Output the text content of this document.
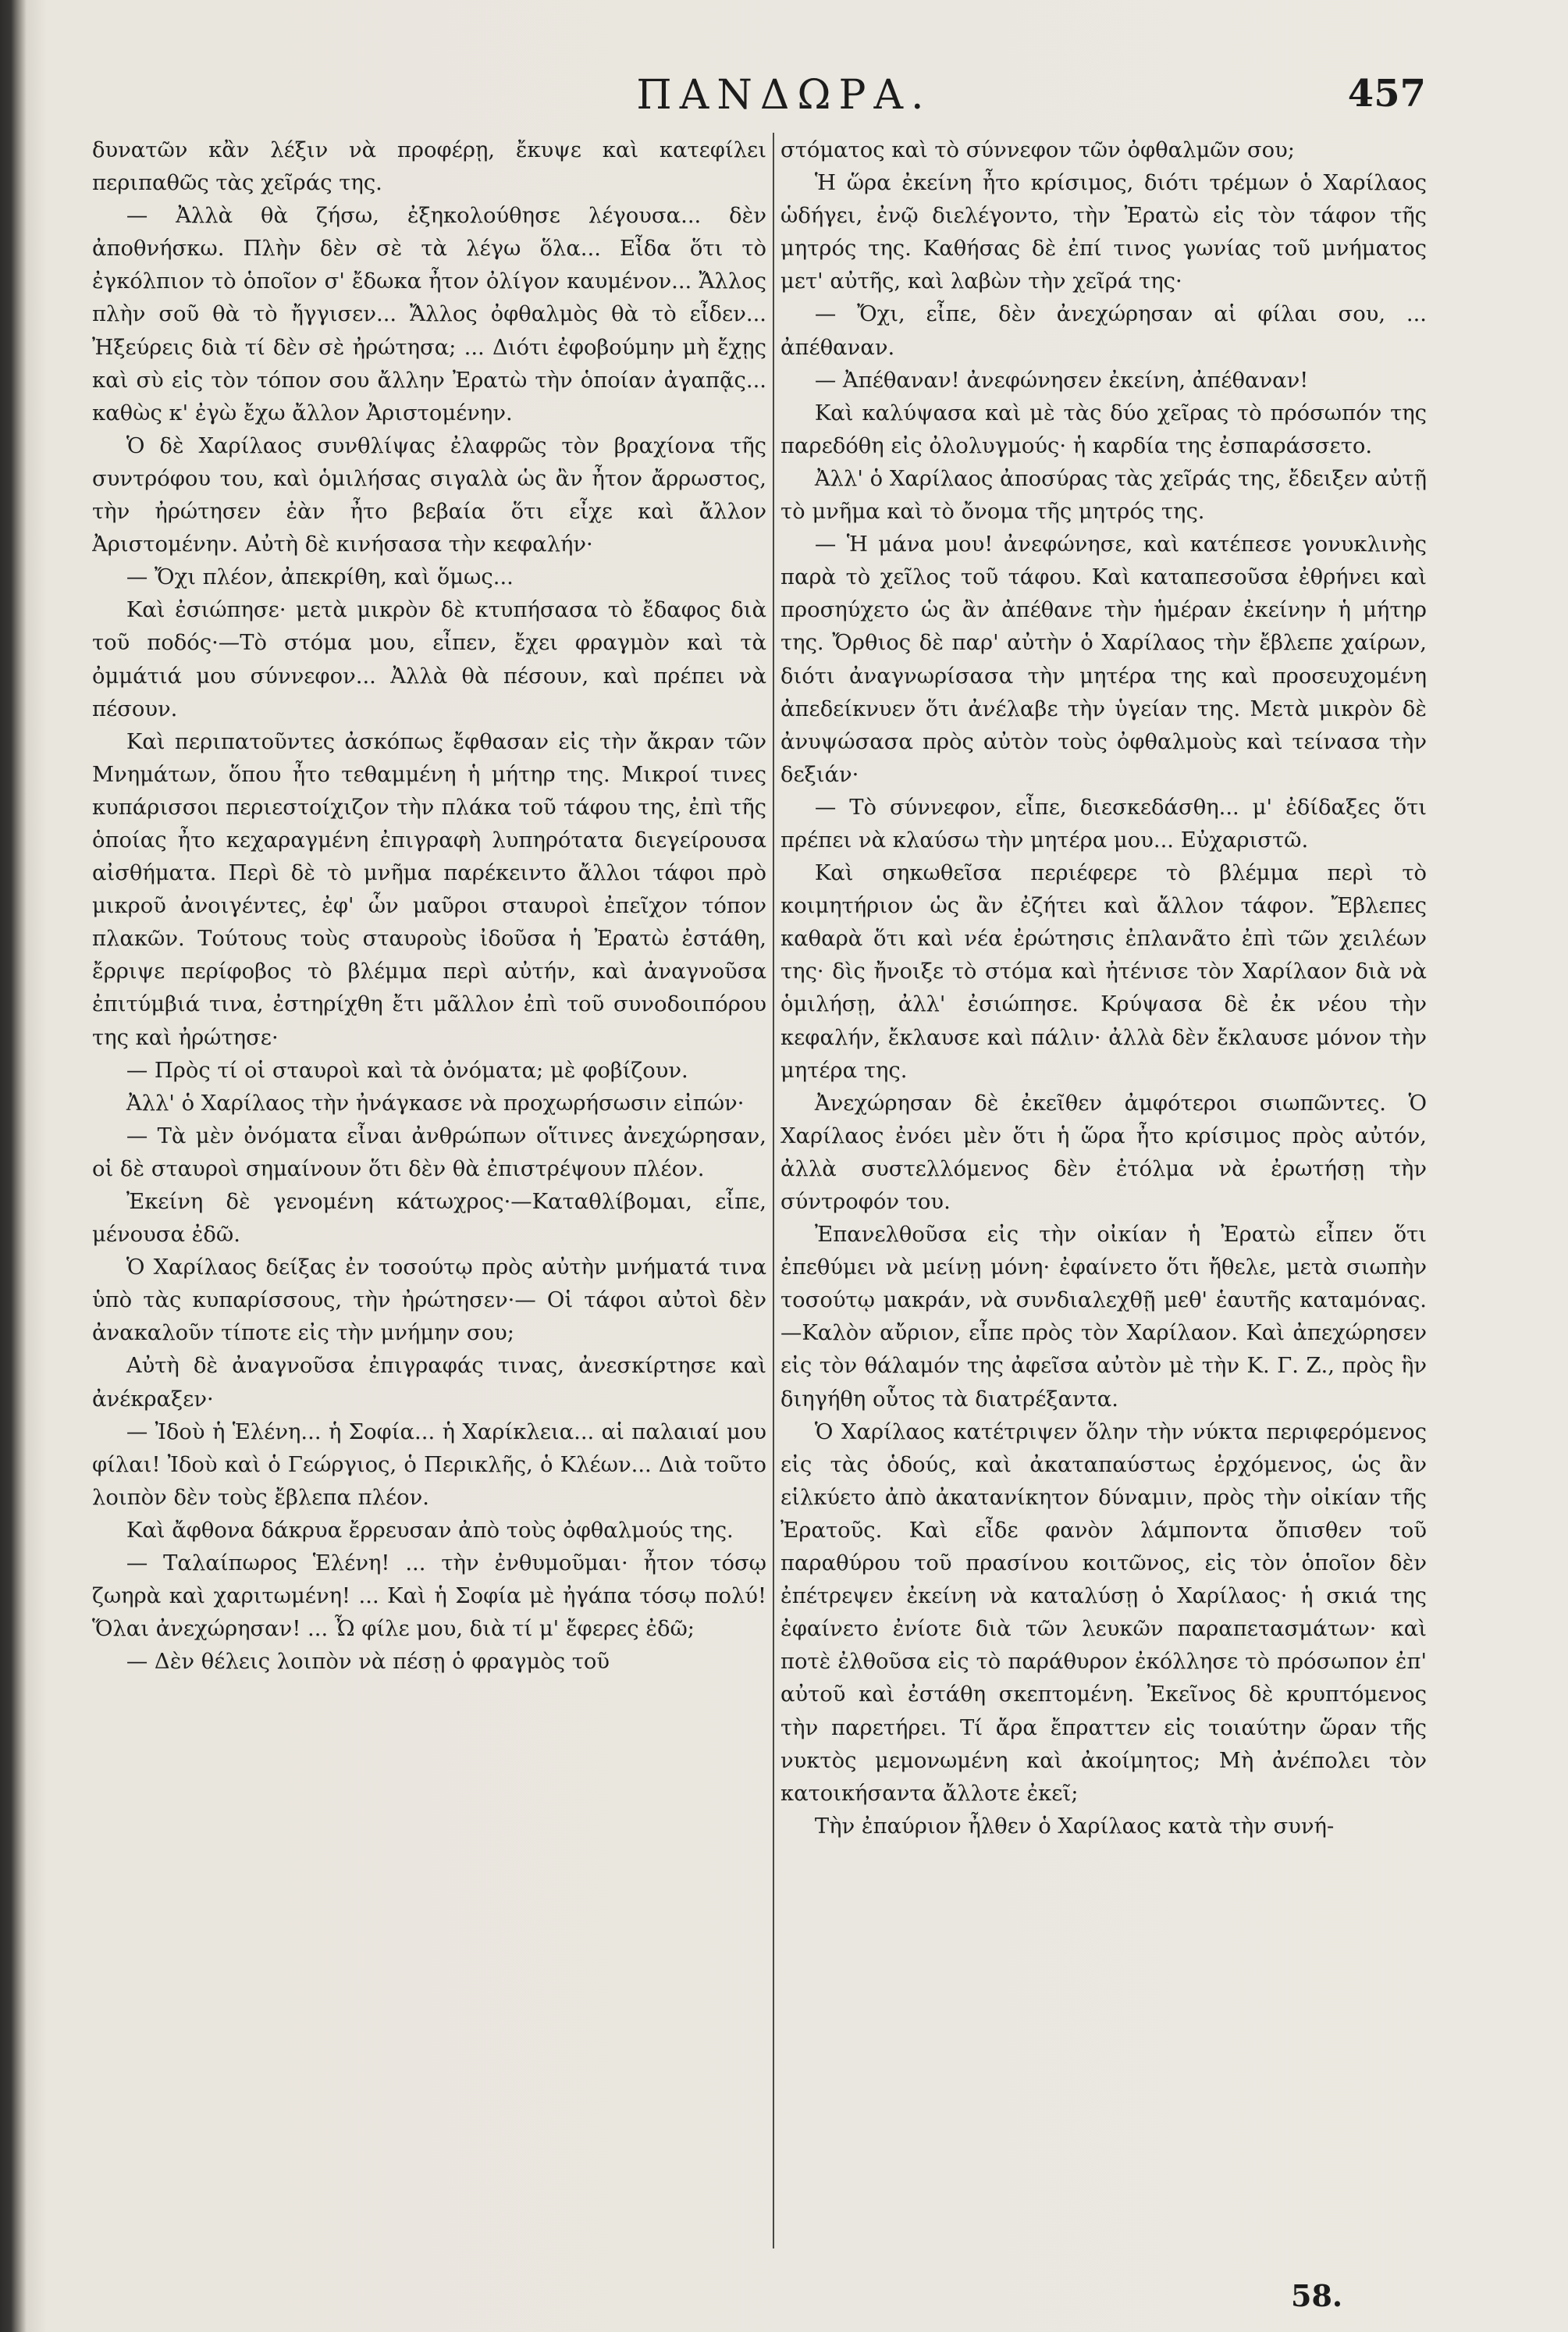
ΠΑΝΔΩΡΑ.	457

δυνατῶν κἂν λέξιν νὰ προφέρῃ, ἔκυψε καὶ κατεφίλει περιπαθῶς τὰς χεῖράς της.

— Ἀλλὰ θὰ ζήσω, ἐξηκολούθησε λέγουσα... δὲν ἀποθνήσκω. Πλὴν δὲν σὲ τὰ λέγω ὅλα... Εἶδα ὅτι τὸ ἐγκόλπιον τὸ ὁποῖον σ' ἔδωκα ἦτον ὀλίγον καυμένον... Ἄλλος πλὴν σοῦ θὰ τὸ ἤγγισεν... Ἄλλος ὀφθαλμὸς θὰ τὸ εἶδεν... Ἠξεύρεις διὰ τί δὲν σὲ ἠρώτησα; ... Διότι ἐφοβούμην μὴ ἔχῃς καὶ σὺ εἰς τὸν τόπον σου ἄλλην Ἐρατὼ τὴν ὁποίαν ἀγαπᾷς... καθὼς κ' ἐγὼ ἔχω ἄλλον Ἀριστομένην.

Ὁ δὲ Χαρίλαος συνθλίψας ἐλαφρῶς τὸν βραχίονα τῆς συντρόφου του, καὶ ὁμιλήσας σιγαλὰ ὡς ἂν ἦτον ἄρρωστος, τὴν ἠρώτησεν ἐὰν ἦτο βεβαία ὅτι εἶχε καὶ ἄλλον Ἀριστομένην. Αὐτὴ δὲ κινήσασα τὴν κεφαλήν·

— Ὄχι πλέον, ἀπεκρίθη, καὶ ὅμως...

Καὶ ἐσιώπησε· μετὰ μικρὸν δὲ κτυπήσασα τὸ ἔδαφος διὰ τοῦ ποδός·—Τὸ στόμα μου, εἶπεν, ἔχει φραγμὸν καὶ τὰ ὀμμάτιά μου σύννεφον... Ἀλλὰ θὰ πέσουν, καὶ πρέπει νὰ πέσουν.

Καὶ περιπατοῦντες ἀσκόπως ἔφθασαν εἰς τὴν ἄκραν τῶν Μνημάτων, ὅπου ἦτο τεθαμμένη ἡ μήτηρ της. Μικροί τινες κυπάρισσοι περιεστοίχιζον τὴν πλάκα τοῦ τάφου της, ἐπὶ τῆς ὁποίας ἦτο κεχαραγμένη ἐπιγραφὴ λυπηρότατα διεγείρουσα αἰσθήματα. Περὶ δὲ τὸ μνῆμα παρέκειντο ἄλλοι τάφοι πρὸ μικροῦ ἀνοιγέντες, ἐφ' ὧν μαῦροι σταυροὶ ἐπεῖχον τόπον πλακῶν. Τούτους τοὺς σταυροὺς ἰδοῦσα ἡ Ἐρατὼ ἐστάθη, ἔρριψε περίφοβος τὸ βλέμμα περὶ αὐτήν, καὶ ἀναγνοῦσα ἐπιτύμβιά τινα, ἐστηρίχθη ἔτι μᾶλλον ἐπὶ τοῦ συνοδοιπόρου της καὶ ἠρώτησε·

— Πρὸς τί οἱ σταυροὶ καὶ τὰ ὀνόματα; μὲ φοβίζουν.

Ἀλλ' ὁ Χαρίλαος τὴν ἠνάγκασε νὰ προχωρήσωσιν εἰπών·

— Τὰ μὲν ὀνόματα εἶναι ἀνθρώπων οἵτινες ἀνεχώρησαν, οἱ δὲ σταυροὶ σημαίνουν ὅτι δὲν θὰ ἐπιστρέψουν πλέον.

Ἐκείνη δὲ γενομένη κάτωχρος·—Καταθλίβομαι, εἶπε, μένουσα ἐδῶ.

Ὁ Χαρίλαος δείξας ἐν τοσούτῳ πρὸς αὐτὴν μνήματά τινα ὑπὸ τὰς κυπαρίσσους, τὴν ἠρώτησεν·— Οἱ τάφοι αὐτοὶ δὲν ἀνακαλοῦν τίποτε εἰς τὴν μνήμην σου;

Αὐτὴ δὲ ἀναγνοῦσα ἐπιγραφάς τινας, ἀνεσκίρτησε καὶ ἀνέκραξεν·

— Ἰδοὺ ἡ Ἑλένη... ἡ Σοφία... ἡ Χαρίκλεια... αἱ παλαιαί μου φίλαι! Ἰδοὺ καὶ ὁ Γεώργιος, ὁ Περικλῆς, ὁ Κλέων... Διὰ τοῦτο λοιπὸν δὲν τοὺς ἔβλεπα πλέον.

Καὶ ἄφθονα δάκρυα ἔρρευσαν ἀπὸ τοὺς ὀφθαλμούς της.

— Ταλαίπωρος Ἑλένη! ... τὴν ἐνθυμοῦμαι· ἦτον τόσῳ ζωηρὰ καὶ χαριτωμένη! ... Καὶ ἡ Σοφία μὲ ἠγάπα τόσῳ πολύ! Ὅλαι ἀνεχώρησαν! ... Ὦ φίλε μου, διὰ τί μ' ἔφερες ἐδῶ;

— Δὲν θέλεις λοιπὸν νὰ πέσῃ ὁ φραγμὸς τοῦ

στόματος καὶ τὸ σύννεφον τῶν ὀφθαλμῶν σου;

Ἡ ὥρα ἐκείνη ἦτο κρίσιμος, διότι τρέμων ὁ Χαρίλαος ὡδήγει, ἐνῷ διελέγοντο, τὴν Ἐρατὼ εἰς τὸν τάφον τῆς μητρός της. Καθήσας δὲ ἐπί τινος γωνίας τοῦ μνήματος μετ' αὐτῆς, καὶ λαβὼν τὴν χεῖρά της·

— Ὄχι, εἶπε, δὲν ἀνεχώρησαν αἱ φίλαι σου, ... ἀπέθαναν.

— Ἀπέθαναν! ἀνεφώνησεν ἐκείνη, ἀπέθαναν!

Καὶ καλύψασα καὶ μὲ τὰς δύο χεῖρας τὸ πρόσωπόν της παρεδόθη εἰς ὀλολυγμούς· ἡ καρδία της ἐσπαράσσετο.

Ἀλλ' ὁ Χαρίλαος ἀποσύρας τὰς χεῖράς της, ἔδειξεν αὐτῇ τὸ μνῆμα καὶ τὸ ὄνομα τῆς μητρός της.

— Ἡ μάνα μου! ἀνεφώνησε, καὶ κατέπεσε γονυκλινὴς παρὰ τὸ χεῖλος τοῦ τάφου. Καὶ καταπεσοῦσα ἐθρήνει καὶ προσηύχετο ὡς ἂν ἀπέθανε τὴν ἡμέραν ἐκείνην ἡ μήτηρ της. Ὄρθιος δὲ παρ' αὐτὴν ὁ Χαρίλαος τὴν ἔβλεπε χαίρων, διότι ἀναγνωρίσασα τὴν μητέρα της καὶ προσευχομένη ἀπεδείκνυεν ὅτι ἀνέλαβε τὴν ὑγείαν της. Μετὰ μικρὸν δὲ ἀνυψώσασα πρὸς αὐτὸν τοὺς ὀφθαλμοὺς καὶ τείνασα τὴν δεξιάν·

— Τὸ σύννεφον, εἶπε, διεσκεδάσθη... μ' ἐδίδαξες ὅτι πρέπει νὰ κλαύσω τὴν μητέρα μου... Εὐχαριστῶ.

Καὶ σηκωθεῖσα περιέφερε τὸ βλέμμα περὶ τὸ κοιμητήριον ὡς ἂν ἐζήτει καὶ ἄλλον τάφον. Ἔβλεπες καθαρὰ ὅτι καὶ νέα ἐρώτησις ἐπλανᾶτο ἐπὶ τῶν χειλέων της· δὶς ἤνοιξε τὸ στόμα καὶ ἠτένισε τὸν Χαρίλαον διὰ νὰ ὁμιλήσῃ, ἀλλ' ἐσιώπησε. Κρύψασα δὲ ἐκ νέου τὴν κεφαλήν, ἔκλαυσε καὶ πάλιν· ἀλλὰ δὲν ἔκλαυσε μόνον τὴν μητέρα της.

Ἀνεχώρησαν δὲ ἐκεῖθεν ἀμφότεροι σιωπῶντες. Ὁ Χαρίλαος ἐνόει μὲν ὅτι ἡ ὥρα ἦτο κρίσιμος πρὸς αὐτόν, ἀλλὰ συστελλόμενος δὲν ἐτόλμα νὰ ἐρωτήσῃ τὴν σύντροφόν του.

Ἐπανελθοῦσα εἰς τὴν οἰκίαν ἡ Ἐρατὼ εἶπεν ὅτι ἐπεθύμει νὰ μείνῃ μόνη· ἐφαίνετο ὅτι ἤθελε, μετὰ σιωπὴν τοσούτῳ μακράν, νὰ συνδιαλεχθῇ μεθ' ἑαυτῆς καταμόνας.—Καλὸν αὔριον, εἶπε πρὸς τὸν Χαρίλαον. Καὶ ἀπεχώρησεν εἰς τὸν θάλαμόν της ἀφεῖσα αὐτὸν μὲ τὴν Κ. Γ. Ζ., πρὸς ἣν διηγήθη οὗτος τὰ διατρέξαντα.

Ὁ Χαρίλαος κατέτριψεν ὅλην τὴν νύκτα περιφερόμενος εἰς τὰς ὁδούς, καὶ ἀκαταπαύστως ἐρχόμενος, ὡς ἂν εἱλκύετο ἀπὸ ἀκατανίκητον δύναμιν, πρὸς τὴν οἰκίαν τῆς Ἐρατοῦς. Καὶ εἶδε φανὸν λάμποντα ὄπισθεν τοῦ παραθύρου τοῦ πρασίνου κοιτῶνος, εἰς τὸν ὁποῖον δὲν ἐπέτρεψεν ἐκείνη νὰ καταλύσῃ ὁ Χαρίλαος· ἡ σκιά της ἐφαίνετο ἐνίοτε διὰ τῶν λευκῶν παραπετασμάτων· καὶ ποτὲ ἐλθοῦσα εἰς τὸ παράθυρον ἐκόλλησε τὸ πρόσωπον ἐπ' αὐτοῦ καὶ ἐστάθη σκεπτομένη. Ἐκεῖνος δὲ κρυπτόμενος τὴν παρετήρει. Τί ἄρα ἔπραττεν εἰς τοιαύτην ὥραν τῆς νυκτὸς μεμονωμένη καὶ ἀκοίμητος; Μὴ ἀνέπολει τὸν κατοικήσαντα ἄλλοτε ἐκεῖ;

Τὴν ἐπαύριον ἦλθεν ὁ Χαρίλαος κατὰ τὴν συνή-

58.
